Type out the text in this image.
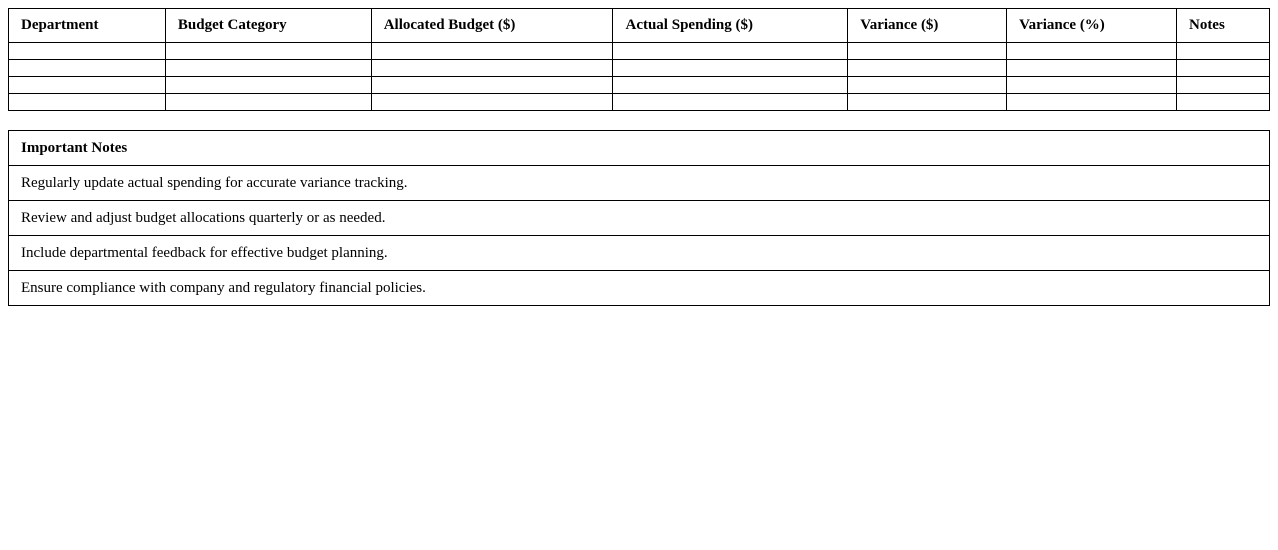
Department	Budget Category	Allocated Budget ($)	Actual Spending ($)	Variance ($)	Variance (%)	Notes

Important Notes
Regularly update actual spending for accurate variance tracking.
Review and adjust budget allocations quarterly or as needed.
Include departmental feedback for effective budget planning.
Ensure compliance with company and regulatory financial policies.
